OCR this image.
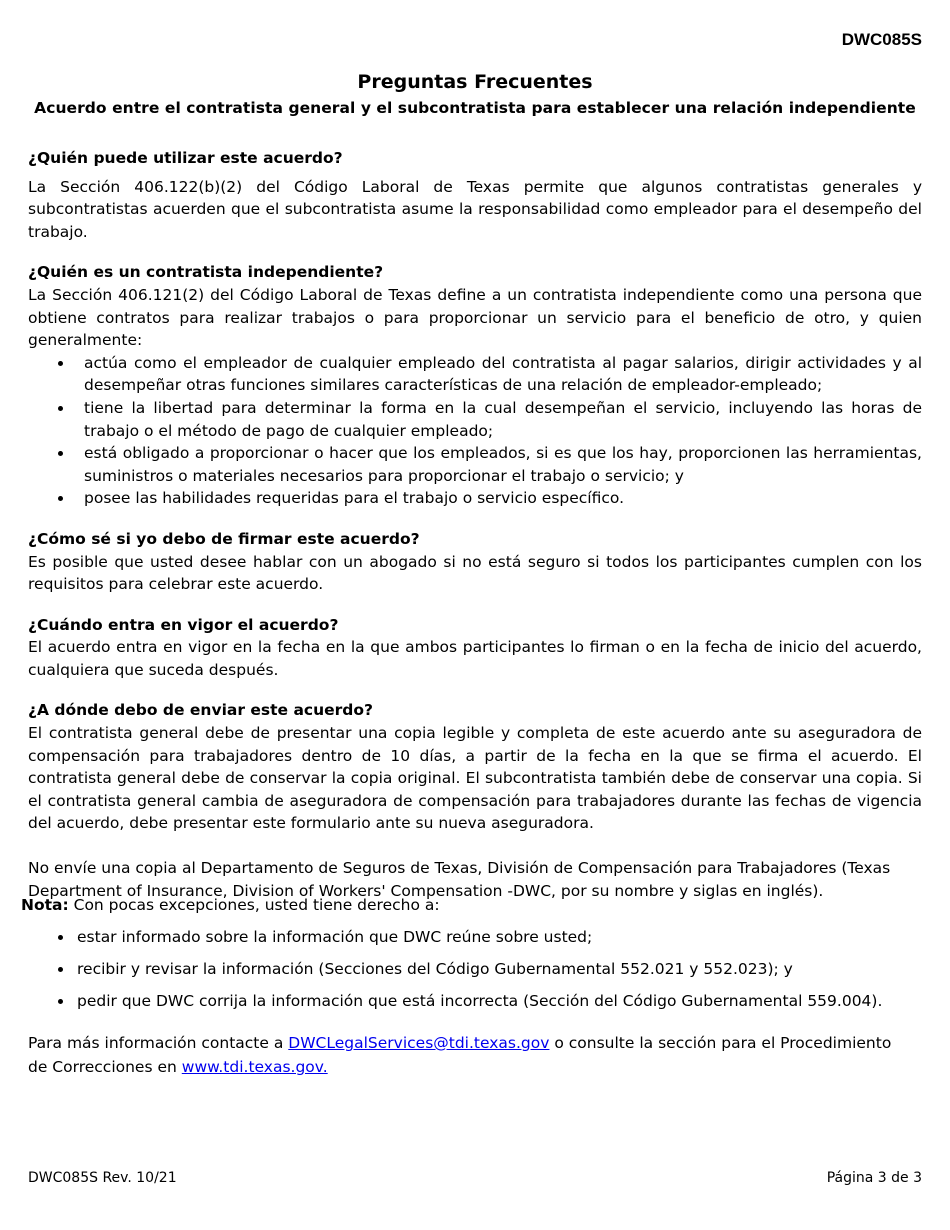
DWC085S
Preguntas Frecuentes
Acuerdo entre el contratista general y el subcontratista para establecer una relación independiente
¿Quién puede utilizar este acuerdo?
La Sección 406.122(b)(2) del Código Laboral de Texas permite que algunos contratistas generales y subcontratistas acuerden que el subcontratista asume la responsabilidad como empleador para el desempeño del trabajo.
¿Quién es un contratista independiente?
La Sección 406.121(2) del Código Laboral de Texas define a un contratista independiente como una persona que obtiene contratos para realizar trabajos o para proporcionar un servicio para el beneficio de otro, y quien generalmente:
actúa como el empleador de cualquier empleado del contratista al pagar salarios, dirigir actividades y al desempeñar otras funciones similares características de una relación de empleador-empleado;
tiene la libertad para determinar la forma en la cual desempeñan el servicio, incluyendo las horas de trabajo o el método de pago de cualquier empleado;
está obligado a proporcionar o hacer que los empleados, si es que los hay, proporcionen las herramientas, suministros o materiales necesarios para proporcionar el trabajo o servicio; y
posee las habilidades requeridas para el trabajo o servicio específico.
¿Cómo sé si yo debo de firmar este acuerdo?
Es posible que usted desee hablar con un abogado si no está seguro si todos los participantes cumplen con los requisitos para celebrar este acuerdo.
¿Cuándo entra en vigor el acuerdo?
El acuerdo entra en vigor en la fecha en la que ambos participantes lo firman o en la fecha de inicio del acuerdo, cualquiera que suceda después.
¿A dónde debo de enviar este acuerdo?
El contratista general debe de presentar una copia legible y completa de este acuerdo ante su aseguradora de compensación para trabajadores dentro de 10 días, a partir de la fecha en la que se firma el acuerdo. El contratista general debe de conservar la copia original. El subcontratista también debe de conservar una copia. Si el contratista general cambia de aseguradora de compensación para trabajadores durante las fechas de vigencia del acuerdo, debe presentar este formulario ante su nueva aseguradora.
No envíe una copia al Departamento de Seguros de Texas, División de Compensación para Trabajadores (Texas Department of Insurance, Division of Workers' Compensation -DWC, por su nombre y siglas en inglés).
Nota: Con pocas excepciones, usted tiene derecho a:
estar informado sobre la información que DWC reúne sobre usted;
recibir y revisar la información (Secciones del Código Gubernamental 552.021 y 552.023); y
pedir que DWC corrija la información que está incorrecta (Sección del Código Gubernamental 559.004).
Para más información contacte a DWCLegalServices@tdi.texas.gov o consulte la sección para el Procedimiento
de Correcciones en www.tdi.texas.gov.
DWC085S Rev. 10/21	Página 3 de 3
